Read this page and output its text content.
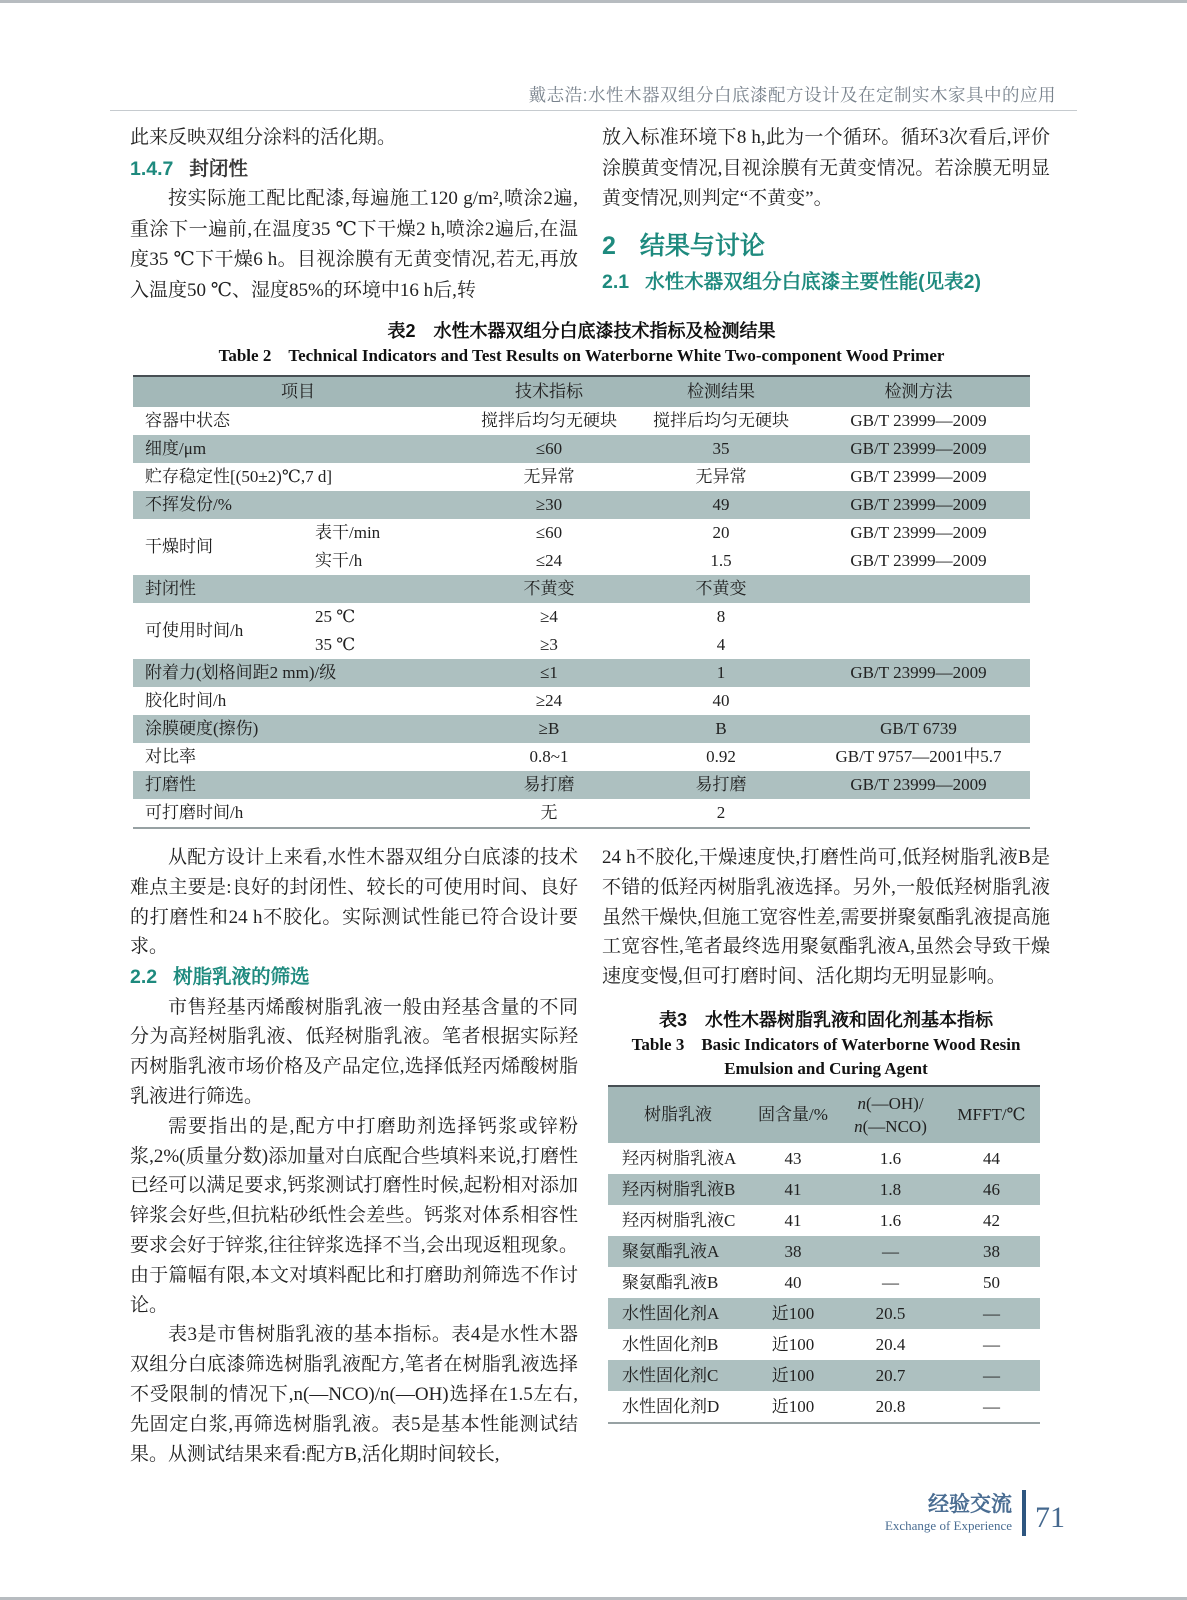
戴志浩:水性木器双组分白底漆配方设计及在定制实木家具中的应用

此来反映双组分涂料的活化期。

1.4.7 封闭性

按实际施工配比配漆,每遍施工120 g/m²,喷涂2遍,重涂下一遍前,在温度35 ℃下干燥2 h,喷涂2遍后,在温度35 ℃下干燥6 h。目视涂膜有无黄变情况,若无,再放入温度50 ℃、湿度85%的环境中16 h后,转

放入标准环境下8 h,此为一个循环。循环3次看后,评价涂膜黄变情况,目视涂膜有无黄变情况。若涂膜无明显黄变情况,则判定“不黄变”。

2 结果与讨论
2.1 水性木器双组分白底漆主要性能(见表2)
表2　水性木器双组分白底漆技术指标及检测结果
Table 2　Technical Indicators and Test Results on Waterborne White Two-component Wood Primer
项目		技术指标	检测结果	检测方法
容器中状态		搅拌后均匀无硬块	搅拌后均匀无硬块	GB/T 23999—2009
细度/μm		≤60	35	GB/T 23999—2009
贮存稳定性[(50±2)℃,7 d]		无异常	无异常	GB/T 23999—2009
不挥发份/%		≥30	49	GB/T 23999—2009
干燥时间	表干/min	≤60	20	GB/T 23999—2009
	实干/h	≤24	1.5	GB/T 23999—2009
封闭性		不黄变	不黄变	
可使用时间/h	25 ℃	≥4	8	
	35 ℃	≥3	4	
附着力(划格间距2 mm)/级		≤1	1	GB/T 23999—2009
胶化时间/h		≥24	40	
涂膜硬度(擦伤)		≥B	B	GB/T 6739
对比率		0.8~1	0.92	GB/T 9757—2001中5.7
打磨性		易打磨	易打磨	GB/T 23999—2009
可打磨时间/h		无	2	

从配方设计上来看,水性木器双组分白底漆的技术难点主要是:良好的封闭性、较长的可使用时间、良好的打磨性和24 h不胶化。实际测试性能已符合设计要求。

2.2 树脂乳液的筛选

市售羟基丙烯酸树脂乳液一般由羟基含量的不同分为高羟树脂乳液、低羟树脂乳液。笔者根据实际羟丙树脂乳液市场价格及产品定位,选择低羟丙烯酸树脂乳液进行筛选。

需要指出的是,配方中打磨助剂选择钙浆或锌粉浆,2%(质量分数)添加量对白底配合些填料来说,打磨性已经可以满足要求,钙浆测试打磨性时候,起粉相对添加锌浆会好些,但抗粘砂纸性会差些。钙浆对体系相容性要求会好于锌浆,往往锌浆选择不当,会出现返粗现象。由于篇幅有限,本文对填料配比和打磨助剂筛选不作讨论。

表3是市售树脂乳液的基本指标。表4是水性木器双组分白底漆筛选树脂乳液配方,笔者在树脂乳液选择不受限制的情况下,n(—NCO)/n(—OH)选择在1.5左右,先固定白浆,再筛选树脂乳液。表5是基本性能测试结果。从测试结果来看:配方B,活化期时间较长,

24 h不胶化,干燥速度快,打磨性尚可,低羟树脂乳液B是不错的低羟丙树脂乳液选择。另外,一般低羟树脂乳液虽然干燥快,但施工宽容性差,需要拼聚氨酯乳液提高施工宽容性,笔者最终选用聚氨酯乳液A,虽然会导致干燥速度变慢,但可打磨时间、活化期均无明显影响。

表3　水性木器树脂乳液和固化剂基本指标
Table 3　Basic Indicators of Waterborne Wood Resin
Emulsion and Curing Agent
树脂乳液	固含量/%	n(—OH)/
n(—NCO)	MFFT/℃
羟丙树脂乳液A	43	1.6	44
羟丙树脂乳液B	41	1.8	46
羟丙树脂乳液C	41	1.6	42
聚氨酯乳液A	38	—	38
聚氨酯乳液B	40	—	50
水性固化剂A	近100	20.5	—
水性固化剂B	近100	20.4	—
水性固化剂C	近100	20.7	—
水性固化剂D	近100	20.8	—
经验交流
Exchange of Experience 71
